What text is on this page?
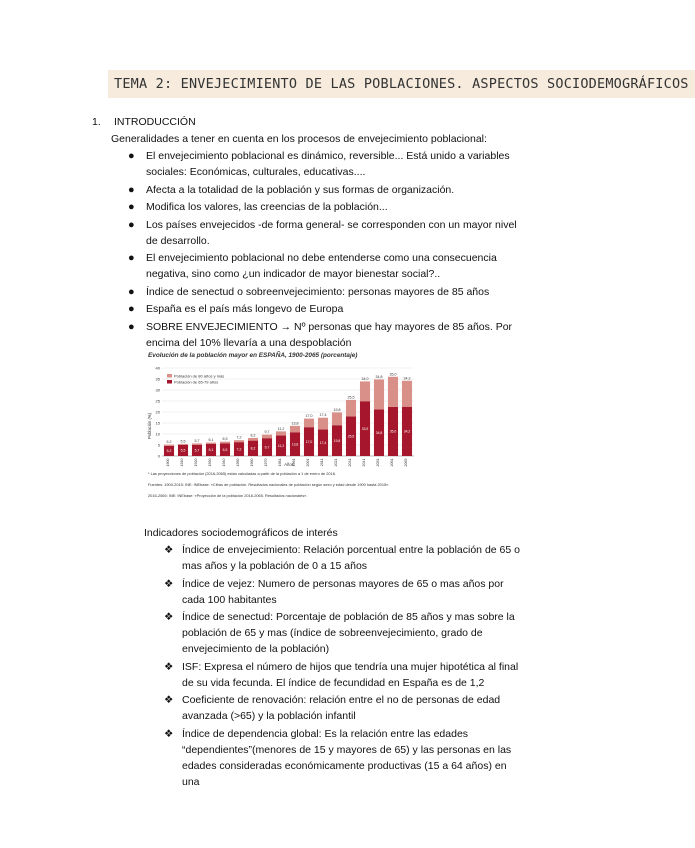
TEMA 2: ENVEJECIMIENTO DE LAS POBLACIONES. ASPECTOS SOCIODEMOGRÁFICOS
1. INTRODUCCIÓN
Generalidades a tener en cuenta en los procesos de envejecimiento poblacional:
● El envejecimiento poblacional es dinámico, reversible... Está unido a variables sociales: Económicas, culturales, educativas....
● Afecta a la totalidad de la población y sus formas de organización.
● Modifica los valores, las creencias de la población...
● Los países envejecidos -de forma general- se corresponden con un mayor nivel de desarrollo.
● El envejecimiento poblacional no debe entenderse como una consecuencia negativa, sino como ¿un indicador de mayor bienestar social?..
● Índice de senectud o sobreenvejecimiento: personas mayores de 85 años
● España es el país más longevo de Europa
● SOBRE ENVEJECIMIENTO → Nº personas que hay mayores de 85 años. Por encima del 10% llevaría a una despoblación
Evolución de la población mayor en ESPAÑA, 1900-2065 (porcentaje)
Población (%)
Años
Población de 80 años y más
Población de 65-79 años
0
5
10
15
20
25
30
35
40
5,2
5,2
5,5
5,5
5,7
5,7
6,1
6,1
6,5
6,5
7,2
7,2
8,2
8,2
9,7
9,7
11,2
11,2
13,8
13,8
17,0
17,0
17,4
17,4
19,8
19,8
25,5
25,5
34,0
33,9
34,8
34,8
35,0
35,0
34,2
34,2
1900	1910	1920	1930	1940	1950	1960	1970	1981	1991	2001	2011	2021	2031	2041	2051	2061	2065
* Las proyecciones de población (2016-2065) están calculadas a partir de la población a 1 de enero de 2016.
Fuentes: 1900-2015: INE: INEbase: «Cifras de población. Resultados nacionales de población según sexo y edad desde 1900 hasta 2015».
2016-2065: INE: INEbase: «Proyección de la población 2016-2065. Resultados nacionales».
Indicadores sociodemográficos de interés
❖ Índice de envejecimiento: Relación porcentual entre la población de 65 o mas años y la población de 0 a 15 años
❖ Índice de vejez: Numero de personas mayores de 65 o mas años por cada 100 habitantes
❖ Índice de senectud: Porcentaje de población de 85 años y mas sobre la población de 65 y mas (índice de sobreenvejecimiento, grado de envejecimiento de la población)
❖ ISF: Expresa el número de hijos que tendría una mujer hipotética al final de su vida fecunda. El índice de fecundidad en España es de 1,2
❖ Coeficiente de renovación: relación entre el no de personas de edad avanzada (>65) y la población infantil
❖ Índice de dependencia global: Es la relación entre las edades “dependientes”(menores de 15 y mayores de 65) y las personas en las edades consideradas económicamente productivas (15 a 64 años) en una
